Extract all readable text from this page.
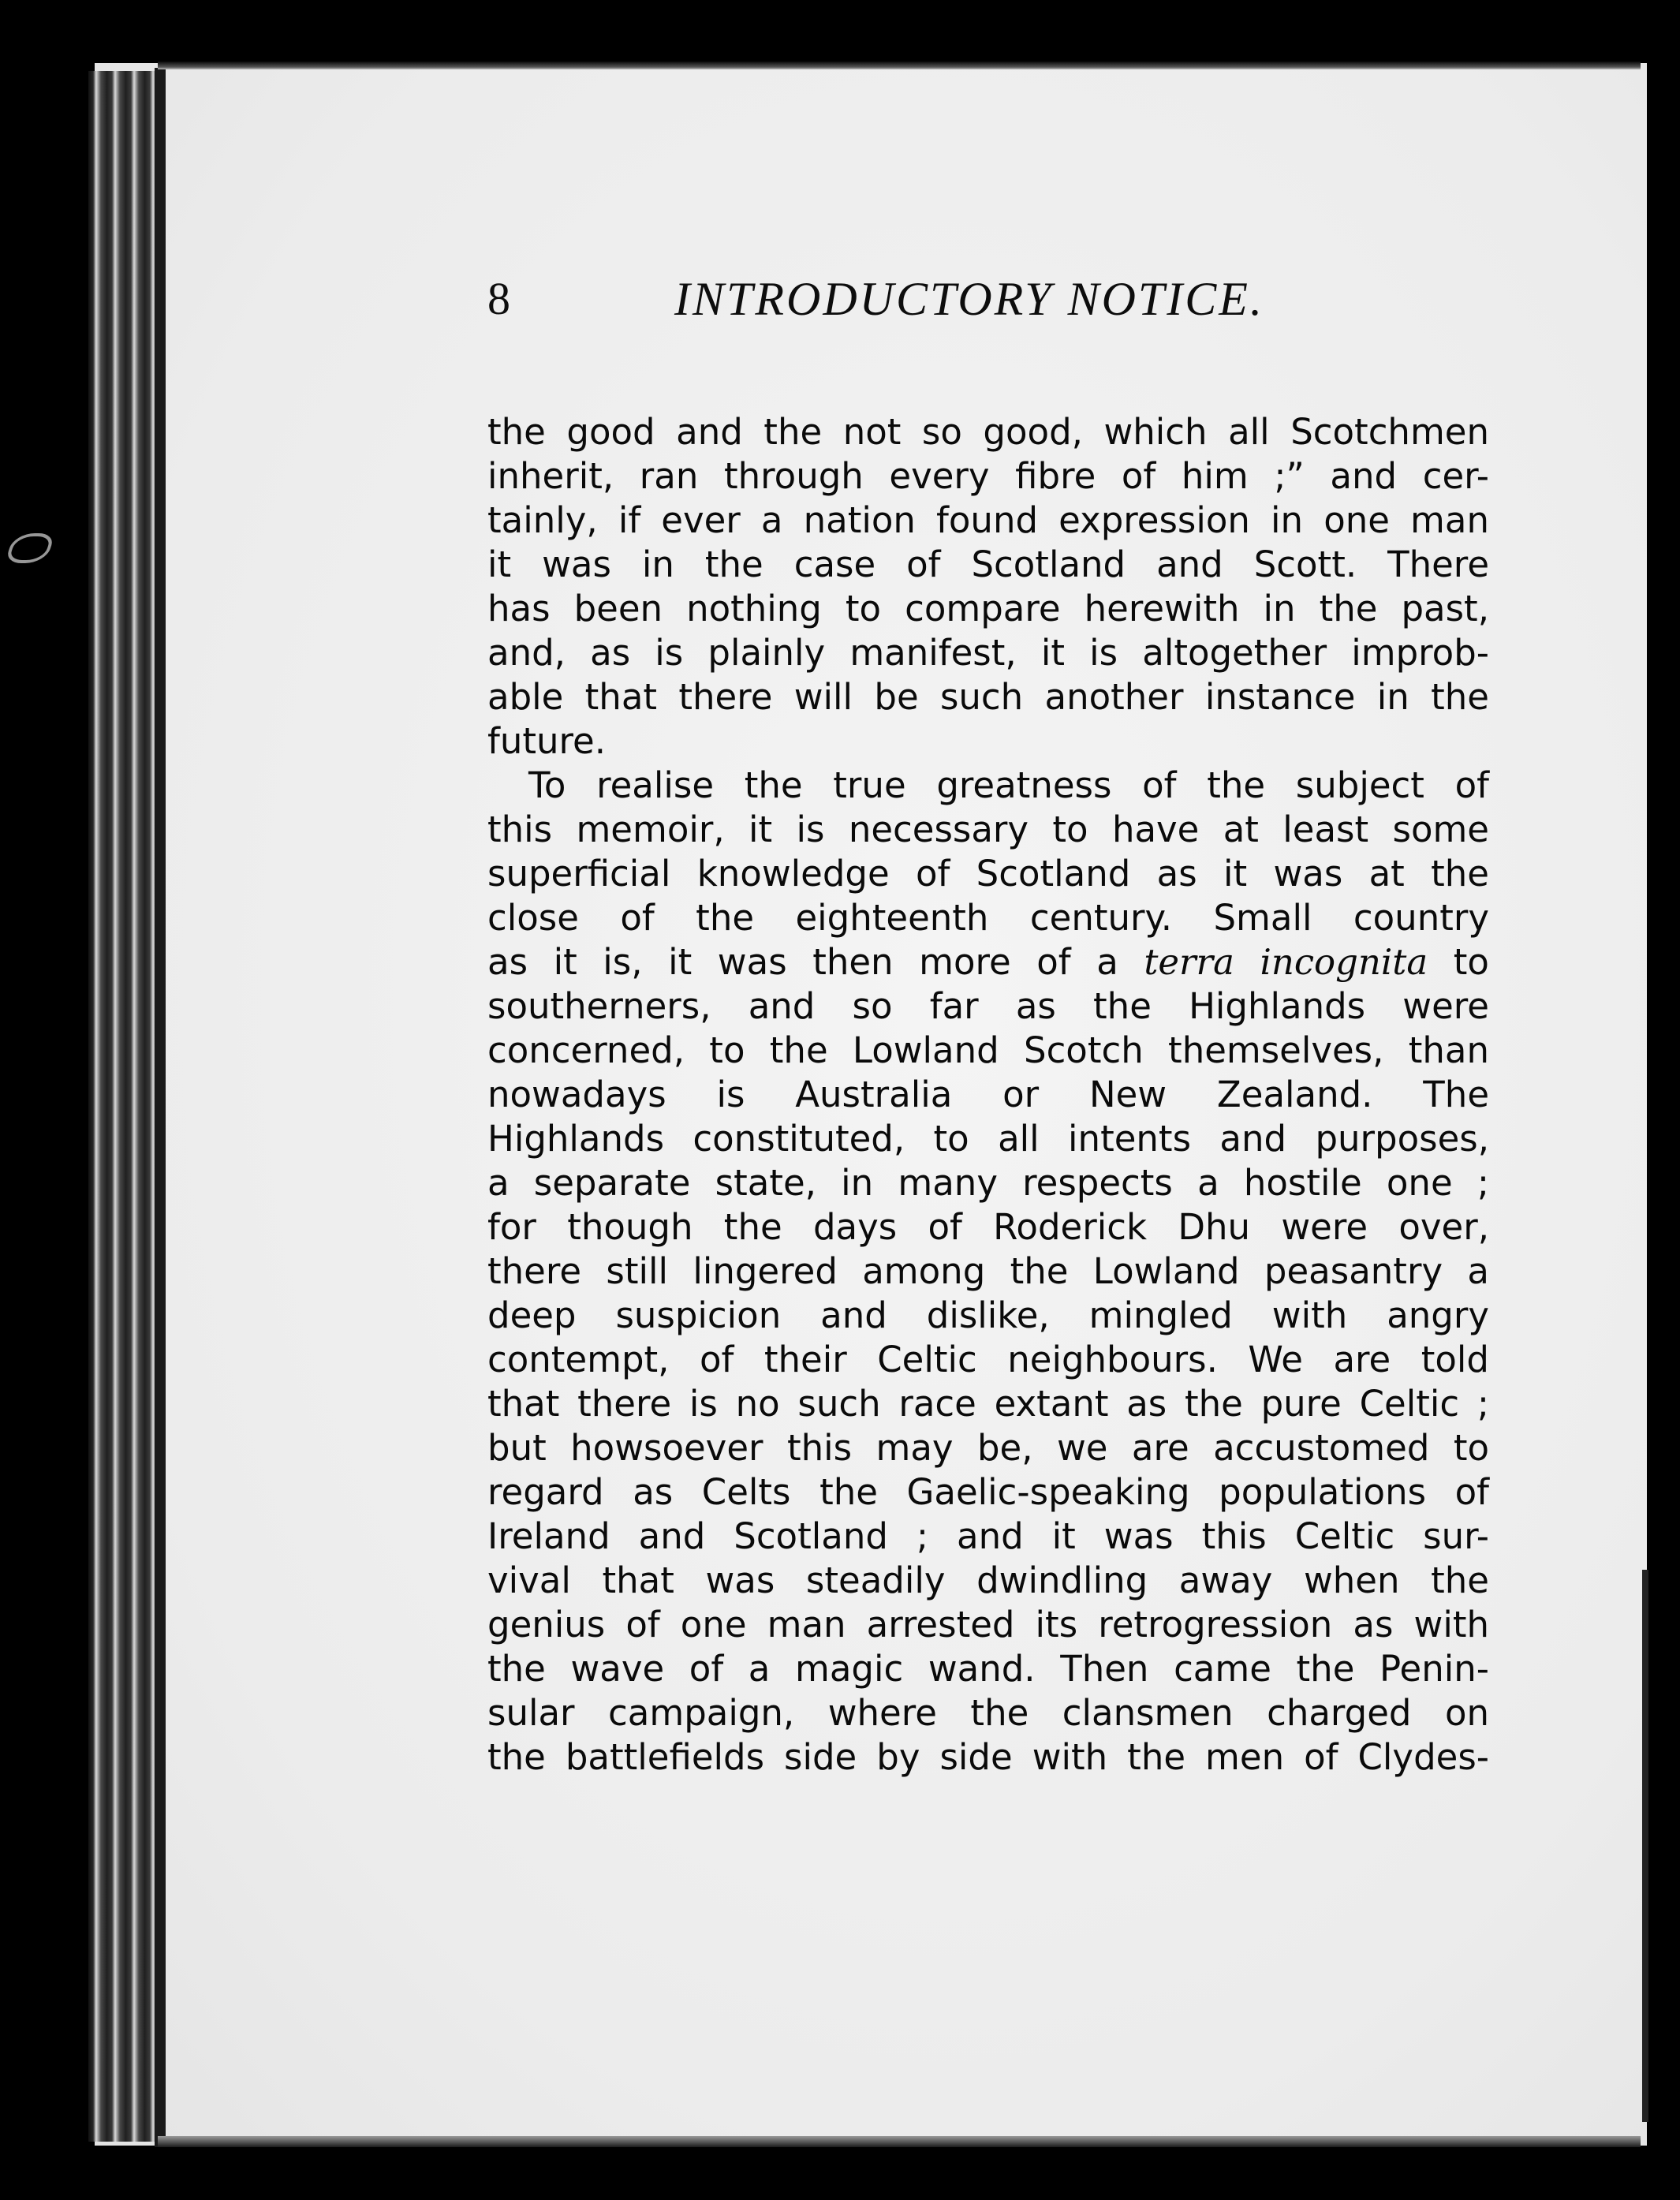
8	INTRODUCTORY NOTICE.
the good and the not so good, which all Scotchmen
inherit, ran through every fibre of him ;” and cer-
tainly, if ever a nation found expression in one man
it was in the case of Scotland and Scott. There
has been nothing to compare herewith in the past,
and, as is plainly manifest, it is altogether improb-
able that there will be such another instance in the
future.
To realise the true greatness of the subject of
this memoir, it is necessary to have at least some
superficial knowledge of Scotland as it was at the
close of the eighteenth century. Small country
as it is, it was then more of a terra incognita to
southerners, and so far as the Highlands were
concerned, to the Lowland Scotch themselves, than
nowadays is Australia or New Zealand. The
Highlands constituted, to all intents and purposes,
a separate state, in many respects a hostile one ;
for though the days of Roderick Dhu were over,
there still lingered among the Lowland peasantry a
deep suspicion and dislike, mingled with angry
contempt, of their Celtic neighbours. We are told
that there is no such race extant as the pure Celtic ;
but howsoever this may be, we are accustomed to
regard as Celts the Gaelic-speaking populations of
Ireland and Scotland ; and it was this Celtic sur-
vival that was steadily dwindling away when the
genius of one man arrested its retrogression as with
the wave of a magic wand. Then came the Penin-
sular campaign, where the clansmen charged on
the battlefields side by side with the men of Clydes-
